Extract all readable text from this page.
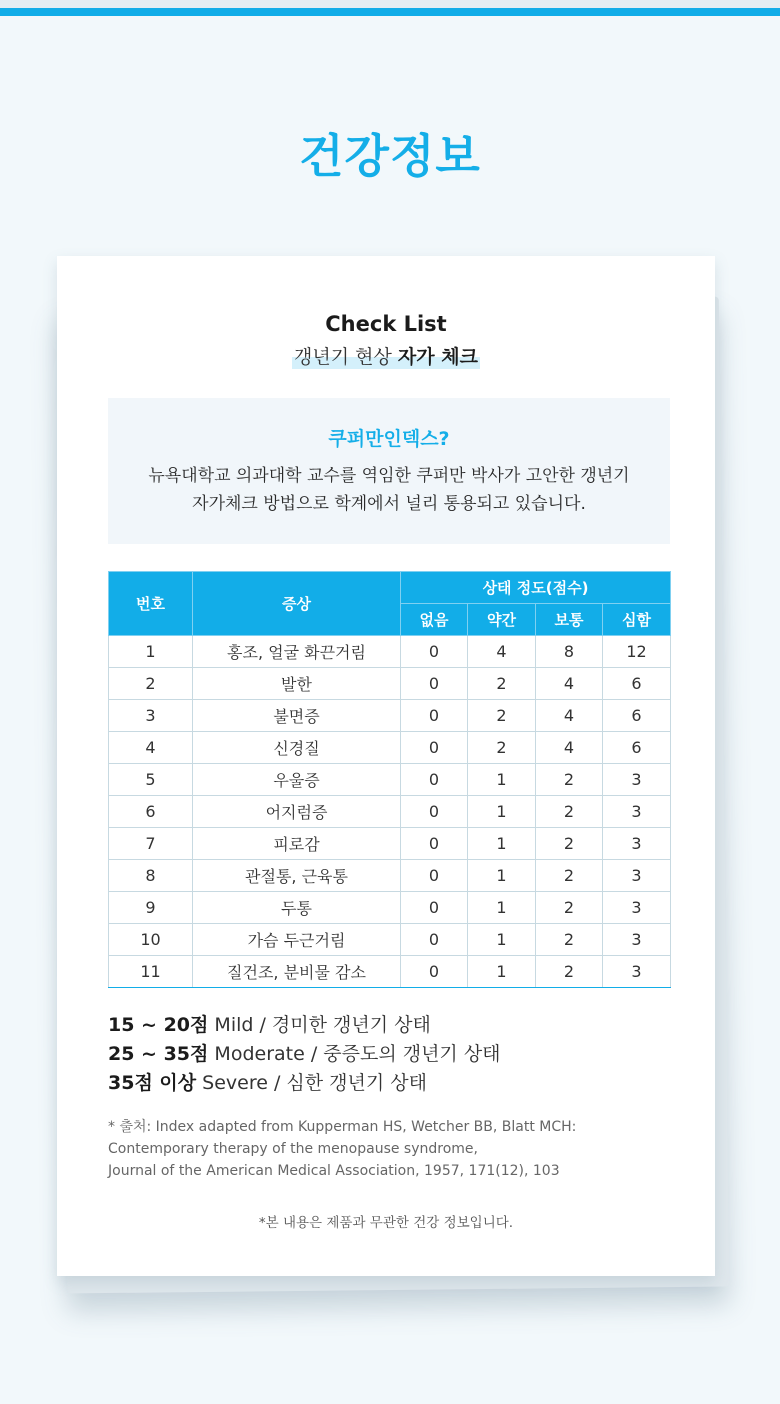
건강정보
Check List
갱년기 현상 자가 체크
쿠퍼만인덱스?
뉴욕대학교 의과대학 교수를 역임한 쿠퍼만 박사가 고안한 갱년기
자가체크 방법으로 학계에서 널리 통용되고 있습니다.
번호	증상	상태 정도(점수)			
		없음	약간	보통	심함
1	홍조, 얼굴 화끈거림	0	4	8	12
2	발한	0	2	4	6
3	불면증	0	2	4	6
4	신경질	0	2	4	6
5	우울증	0	1	2	3
6	어지럼증	0	1	2	3
7	피로감	0	1	2	3
8	관절통, 근육통	0	1	2	3
9	두통	0	1	2	3
10	가슴 두근거림	0	1	2	3
11	질건조, 분비물 감소	0	1	2	3
15 ~ 20점 Mild / 경미한 갱년기 상태
25 ~ 35점 Moderate / 중증도의 갱년기 상태
35점 이상 Severe / 심한 갱년기 상태
* 출처: Index adapted from Kupperman HS, Wetcher BB, Blatt MCH:
Contemporary therapy of the menopause syndrome,
Journal of the American Medical Association, 1957, 171(12), 103
*본 내용은 제품과 무관한 건강 정보입니다.
